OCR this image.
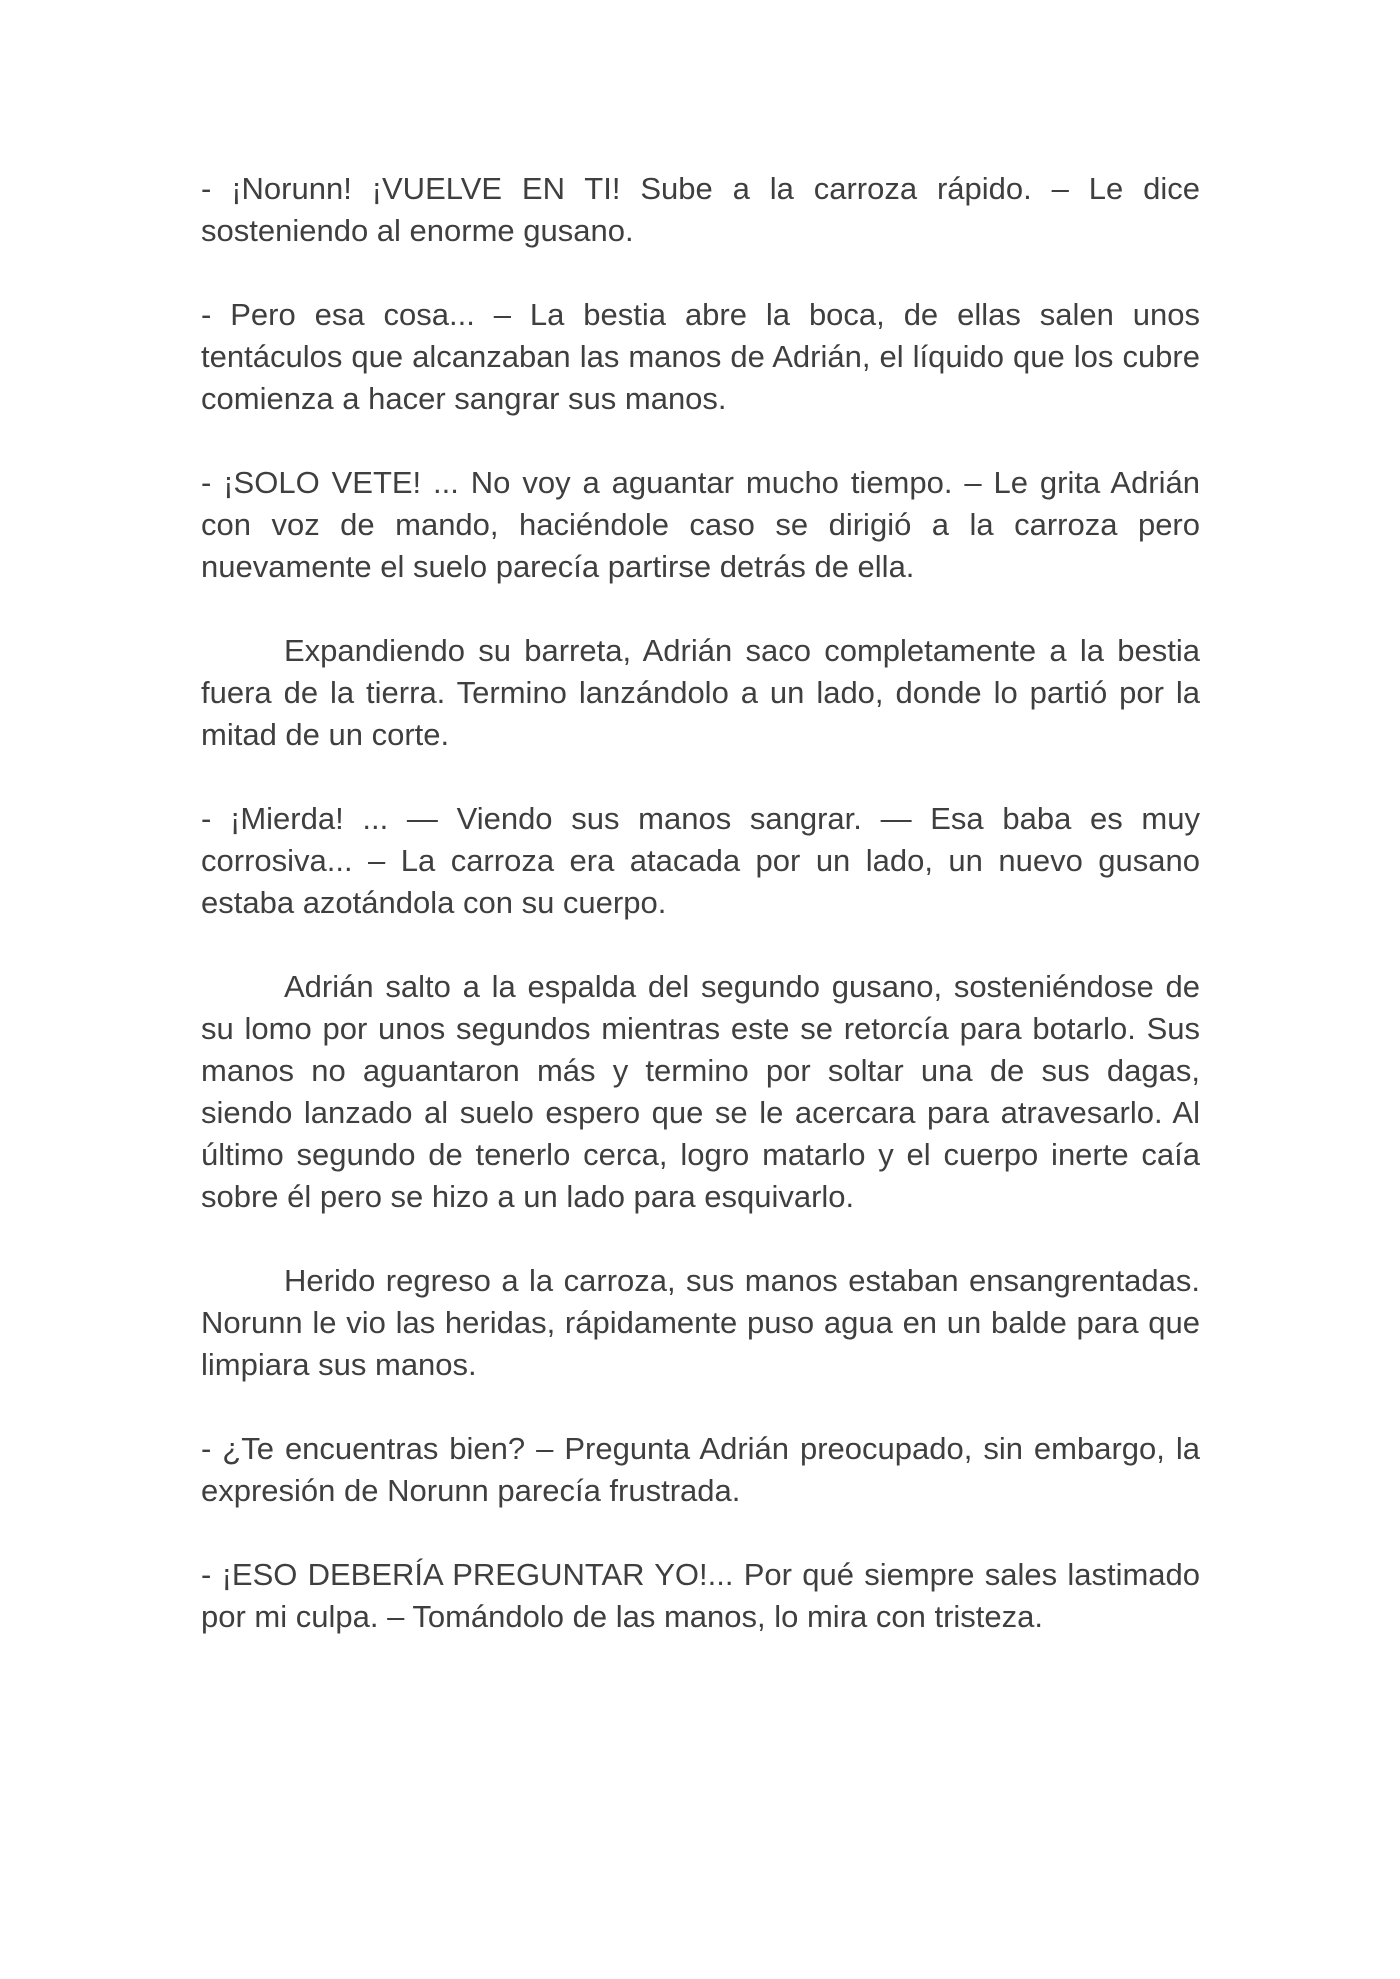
- ¡Norunn! ¡VUELVE EN TI! Sube a la carroza rápido. – Le dice sosteniendo al enorme gusano.

- Pero esa cosa... – La bestia abre la boca, de ellas salen unos tentáculos que alcanzaban las manos de Adrián, el líquido que los cubre comienza a hacer sangrar sus manos.

- ¡SOLO VETE! ... No voy a aguantar mucho tiempo. – Le grita Adrián con voz de mando, haciéndole caso se dirigió a la carroza pero nuevamente el suelo parecía partirse detrás de ella.

Expandiendo su barreta, Adrián saco completamente a la bestia fuera de la tierra. Termino lanzándolo a un lado, donde lo partió por la mitad de un corte.

- ¡Mierda! ... — Viendo sus manos sangrar. — Esa baba es muy corrosiva... – La carroza era atacada por un lado, un nuevo gusano estaba azotándola con su cuerpo.

Adrián salto a la espalda del segundo gusano, sosteniéndose de su lomo por unos segundos mientras este se retorcía para botarlo. Sus manos no aguantaron más y termino por soltar una de sus dagas, siendo lanzado al suelo espero que se le acercara para atravesarlo. Al último segundo de tenerlo cerca, logro matarlo y el cuerpo inerte caía sobre él pero se hizo a un lado para esquivarlo.

Herido regreso a la carroza, sus manos estaban ensangrentadas. Norunn le vio las heridas, rápidamente puso agua en un balde para que limpiara sus manos.

- ¿Te encuentras bien? – Pregunta Adrián preocupado, sin embargo, la expresión de Norunn parecía frustrada.

- ¡ESO DEBERÍA PREGUNTAR YO!... Por qué siempre sales lastimado por mi culpa. – Tomándolo de las manos, lo mira con tristeza.
